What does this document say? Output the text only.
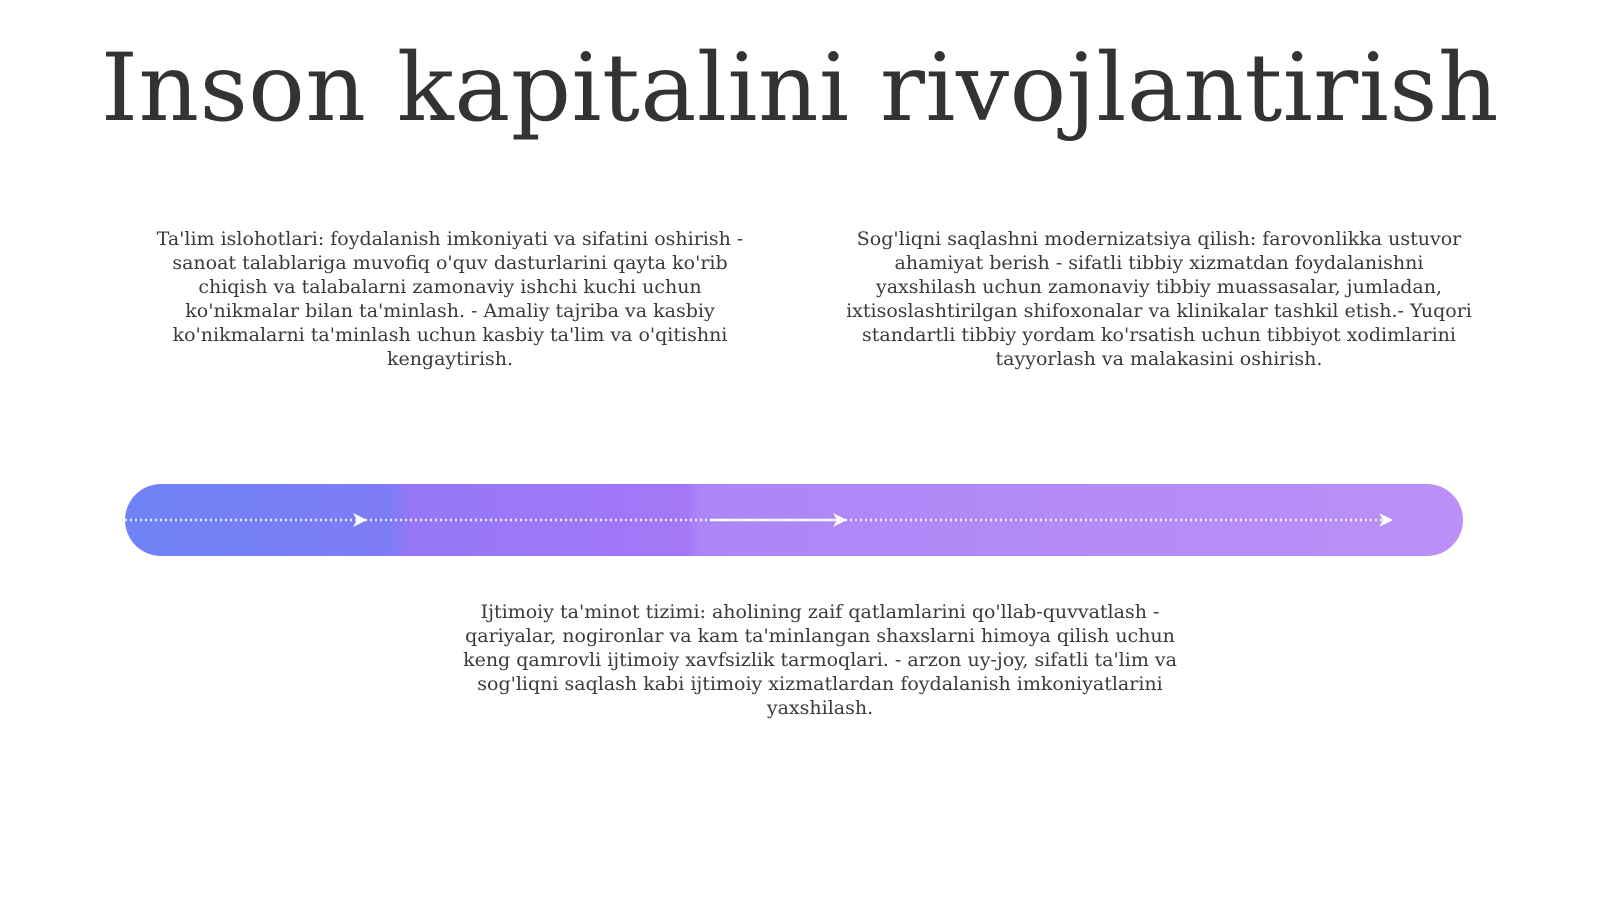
Inson kapitalini rivojlantirish

Ta'lim islohotlari: foydalanish imkoniyati va sifatini oshirish - sanoat talablariga muvofiq o'quv dasturlarini qayta ko'rib chiqish va talabalarni zamonaviy ishchi kuchi uchun ko'nikmalar bilan ta'minlash. - Amaliy tajriba va kasbiy ko'nikmalarni ta'minlash uchun kasbiy ta'lim va o'qitishni kengaytirish.

Sog'liqni saqlashni modernizatsiya qilish: farovonlikka ustuvor ahamiyat berish - sifatli tibbiy xizmatdan foydalanishni yaxshilash uchun zamonaviy tibbiy muassasalar, jumladan, ixtisoslashtirilgan shifoxonalar va klinikalar tashkil etish.- Yuqori standartli tibbiy yordam ko'rsatish uchun tibbiyot xodimlarini tayyorlash va malakasini oshirish.

Ijtimoiy ta'minot tizimi: aholining zaif qatlamlarini qo'llab-quvvatlash - qariyalar, nogironlar va kam ta'minlangan shaxslarni himoya qilish uchun keng qamrovli ijtimoiy xavfsizlik tarmoqlari. - arzon uy-joy, sifatli ta'lim va sog'liqni saqlash kabi ijtimoiy xizmatlardan foydalanish imkoniyatlarini yaxshilash.
